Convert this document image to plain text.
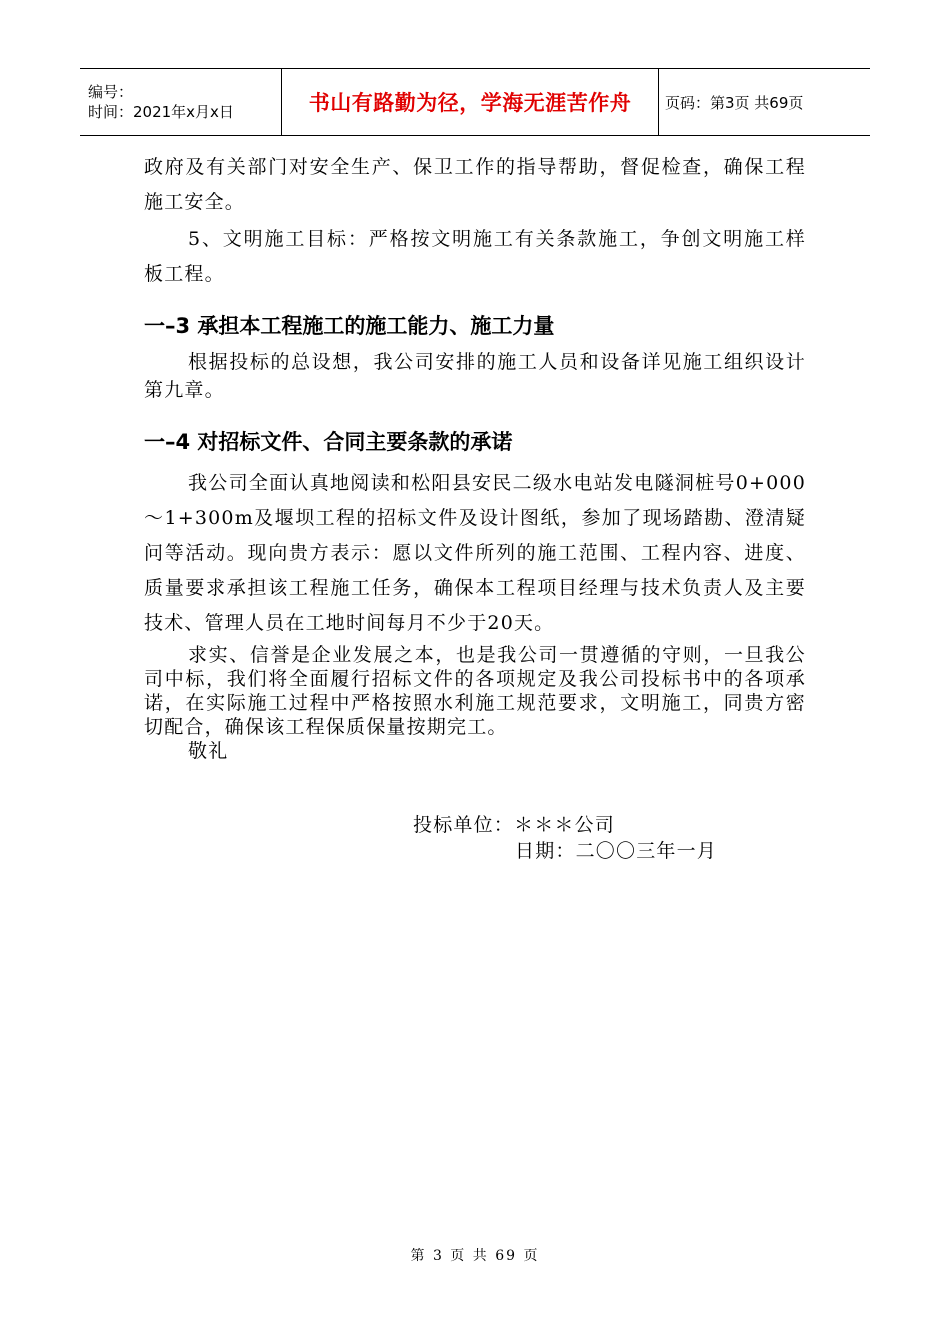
编号：
时间：2021年x月x日	书山有路勤为径，学海无涯苦作舟 页码：第3页 共69页

政府及有关部门对安全生产、保卫工作的指导帮助，督促检查，确保工程施工安全。

5、文明施工目标：严格按文明施工有关条款施工，争创文明施工样板工程。

一–3 承担本工程施工的施工能力、施工力量

根据投标的总设想，我公司安排的施工人员和设备详见施工组织设计第九章。

一–4 对招标文件、合同主要条款的承诺

我公司全面认真地阅读和松阳县安民二级水电站发电隧洞桩号0+000～1+300m及堰坝工程的招标文件及设计图纸，参加了现场踏勘、澄清疑问等活动。现向贵方表示：愿以文件所列的施工范围、工程内容、进度、质量要求承担该工程施工任务，确保本工程项目经理与技术负责人及主要技术、管理人员在工地时间每月不少于20天。

求实、信誉是企业发展之本，也是我公司一贯遵循的守则，一旦我公司中标，我们将全面履行招标文件的各项规定及我公司投标书中的各项承诺，在实际施工过程中严格按照水利施工规范要求，文明施工，同贵方密切配合，确保该工程保质保量按期完工。

敬礼

投标单位：＊＊＊公司
日期：二〇〇三年一月
第 3 页 共 69 页
